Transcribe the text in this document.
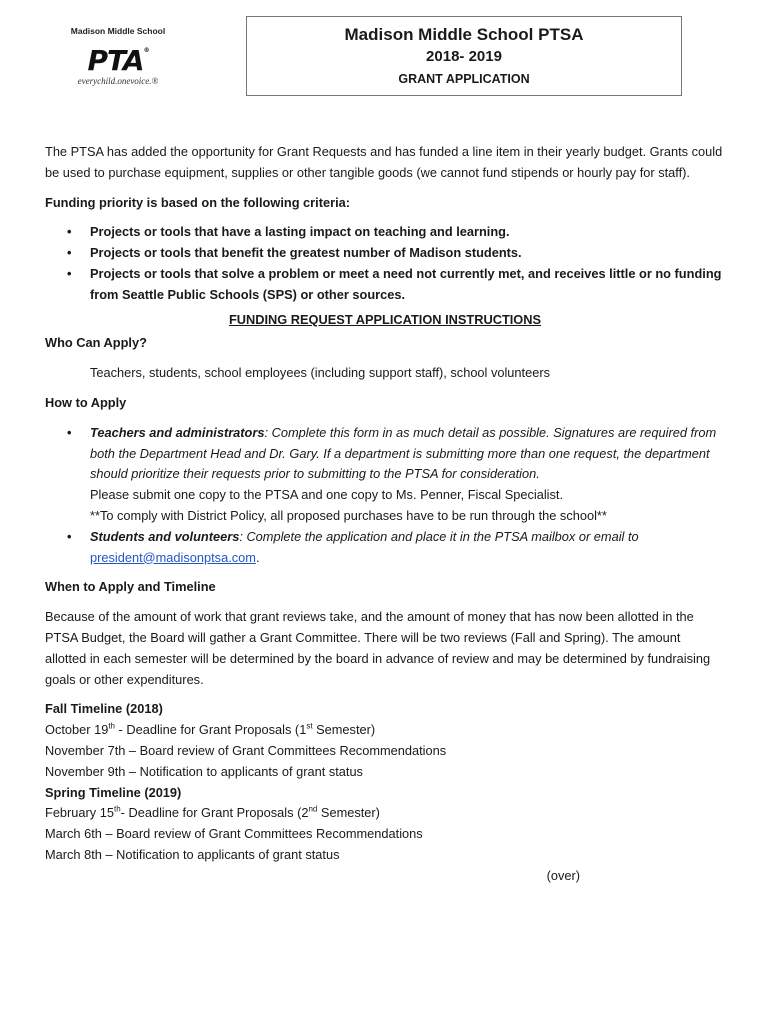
Madison Middle School
PTA®
everychild.onevoice.®
Madison Middle School PTSA
2018- 2019
GRANT APPLICATION

The PTSA has added the opportunity for Grant Requests and has funded a line item in their yearly budget. Grants could be used to purchase equipment, supplies or other tangible goods (we cannot fund stipends or hourly pay for staff).

Funding priority is based on the following criteria:

• Projects or tools that have a lasting impact on teaching and learning.
• Projects or tools that benefit the greatest number of Madison students.
• Projects or tools that solve a problem or meet a need not currently met, and receives little or no funding from Seattle Public Schools (SPS) or other sources.

FUNDING REQUEST APPLICATION INSTRUCTIONS

Who Can Apply?

Teachers, students, school employees (including support staff), school volunteers

How to Apply

• Teachers and administrators: Complete this form in as much detail as possible. Signatures are required from both the Department Head and Dr. Gary. If a department is submitting more than one request, the department should prioritize their requests prior to submitting to the PTSA for consideration.
Please submit one copy to the PTSA and one copy to Ms. Penner, Fiscal Specialist.
**To comply with District Policy, all proposed purchases have to be run through the school**
• Students and volunteers: Complete the application and place it in the PTSA mailbox or email to
president@madisonptsa.com.

When to Apply and Timeline

Because of the amount of work that grant reviews take, and the amount of money that has now been allotted in the PTSA Budget, the Board will gather a Grant Committee. There will be two reviews (Fall and Spring). The amount allotted in each semester will be determined by the board in advance of review and may be determined by fundraising goals or other expenditures.

Fall Timeline (2018)

October 19th - Deadline for Grant Proposals (1st Semester)

November 7th – Board review of Grant Committees Recommendations

November 9th – Notification to applicants of grant status

Spring Timeline (2019)

February 15th- Deadline for Grant Proposals (2nd Semester)

March 6th – Board review of Grant Committees Recommendations

March 8th – Notification to applicants of grant status

(over)
